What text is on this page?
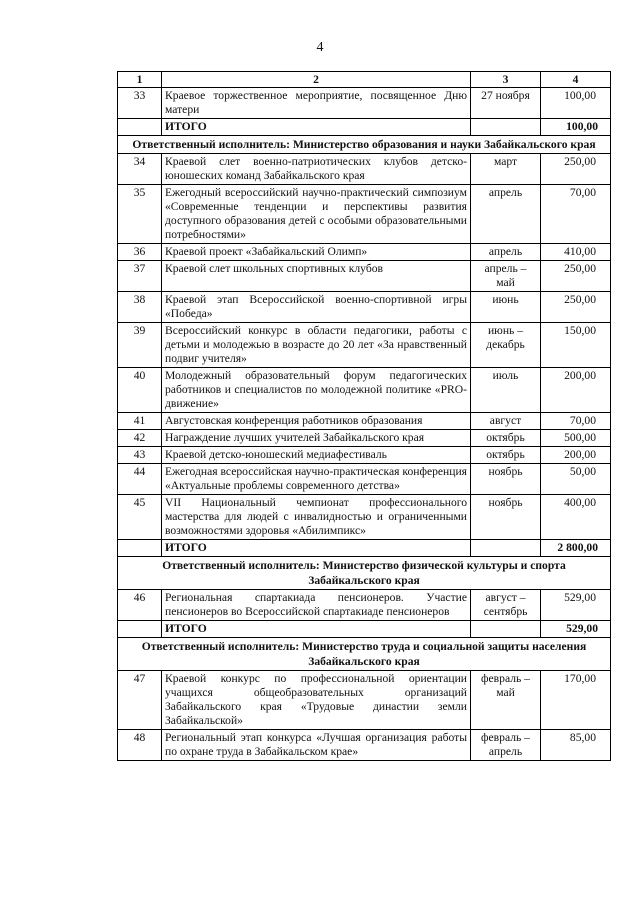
4
1	2	3	4
33	Краевое торжественное мероприятие, посвященное Дню матери	27 ноября	100,00
	ИТОГО		100,00
Ответственный исполнитель: Министерство образования и науки Забайкальского края			
34	Краевой слет военно-патриотических клубов детско-юношеских команд Забайкальского края	март	250,00
35	Ежегодный всероссийский научно-практический симпозиум «Современные тенденции и перспективы развития доступного образования детей с особыми образовательными потребностями»	апрель	70,00
36	Краевой проект «Забайкальский Олимп»	апрель	410,00
37	Краевой слет школьных спортивных клубов	апрель – май	250,00
38	Краевой этап Всероссийской военно-спортивной игры «Победа»	июнь	250,00
39	Всероссийский конкурс в области педагогики, работы с детьми и молодежью в возрасте до 20 лет «За нравственный подвиг учителя»	июнь – декабрь	150,00
40	Молодежный образовательный форум педагогических работников и специалистов по молодежной политике «PRO-движение»	июль	200,00
41	Августовская конференция работников образования	август	70,00
42	Награждение лучших учителей Забайкальского края	октябрь	500,00
43	Краевой детско-юношеский медиафестиваль	октябрь	200,00
44	Ежегодная всероссийская научно-практическая конференция «Актуальные проблемы современного детства»	ноябрь	50,00
45	VII Национальный чемпионат профессионального мастерства для людей с инвалидностью и ограниченными возможностями здоровья «Абилимпикс»	ноябрь	400,00
	ИТОГО		2 800,00
Ответственный исполнитель: Министерство физической культуры и спорта Забайкальского края			
46	Региональная спартакиада пенсионеров. Участие пенсионеров во Всероссийской спартакиаде пенсионеров	август – сентябрь	529,00
	ИТОГО		529,00
Ответственный исполнитель: Министерство труда и социальной защиты населения Забайкальского края			
47	Краевой конкурс по профессиональной ориентации учащихся общеобразовательных организаций Забайкальского края «Трудовые династии земли Забайкальской»	февраль – май	170,00
48	Региональный этап конкурса «Лучшая организация работы по охране труда в Забайкальском крае»	февраль – апрель	85,00
